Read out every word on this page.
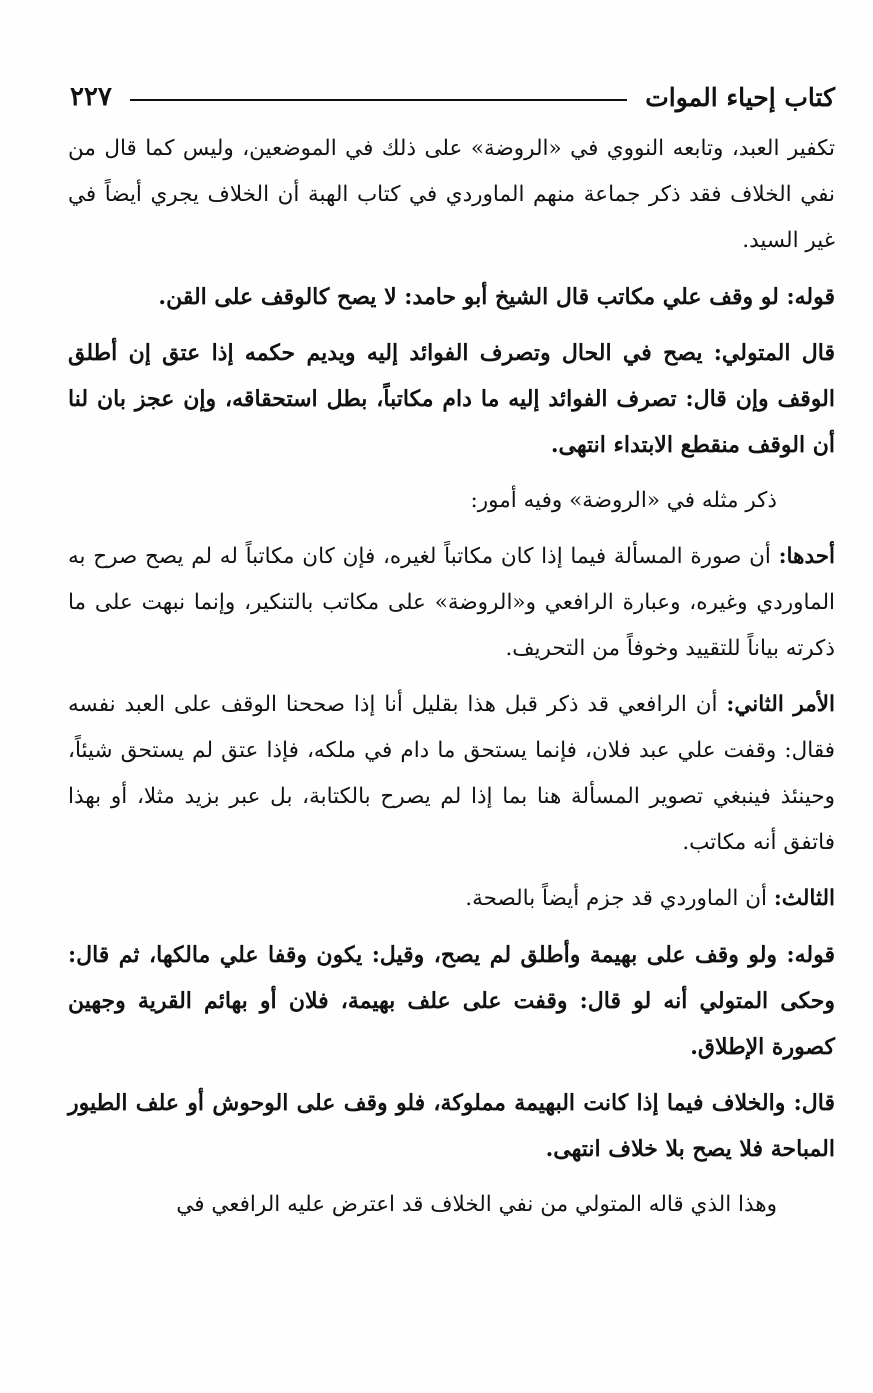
كتاب إحياء الموات
٢٢٧

تكفير العبد، وتابعه النووي في «الروضة» على ذلك في الموضعين، وليس كما قال من نفي الخلاف فقد ذكر جماعة منهم الماوردي في كتاب الهبة أن الخلاف يجري أيضاً في غير السيد.

قوله: لو وقف علي مكاتب قال الشيخ أبو حامد: لا يصح كالوقف على القن.

قال المتولي: يصح في الحال وتصرف الفوائد إليه ويديم حكمه إذا عتق إن أطلق الوقف وإن قال: تصرف الفوائد إليه ما دام مكاتباً، بطل استحقاقه، وإن عجز بان لنا أن الوقف منقطع الابتداء انتهى.

ذكر مثله في «الروضة» وفيه أمور:

أحدها: أن صورة المسألة فيما إذا كان مكاتباً لغيره، فإن كان مكاتباً له لم يصح صرح به الماوردي وغيره، وعبارة الرافعي و«الروضة» على مكاتب بالتنكير، وإنما نبهت على ما ذكرته بياناً للتقييد وخوفاً من التحريف.

الأمر الثاني: أن الرافعي قد ذكر قبل هذا بقليل أنا إذا صححنا الوقف على العبد نفسه فقال: وقفت علي عبد فلان، فإنما يستحق ما دام في ملكه، فإذا عتق لم يستحق شيئاً، وحينئذ فينبغي تصوير المسألة هنا بما إذا لم يصرح بالكتابة، بل عبر بزيد مثلا، أو بهذا فاتفق أنه مكاتب.

الثالث: أن الماوردي قد جزم أيضاً بالصحة.

قوله: ولو وقف على بهيمة وأطلق لم يصح، وقيل: يكون وقفا علي مالكها، ثم قال: وحكى المتولي أنه لو قال: وقفت على علف بهيمة، فلان أو بهائم القرية وجهين كصورة الإطلاق.

قال: والخلاف فيما إذا كانت البهيمة مملوكة، فلو وقف على الوحوش أو علف الطيور المباحة فلا يصح بلا خلاف انتهى.

وهذا الذي قاله المتولي من نفي الخلاف قد اعترض عليه الرافعي في
